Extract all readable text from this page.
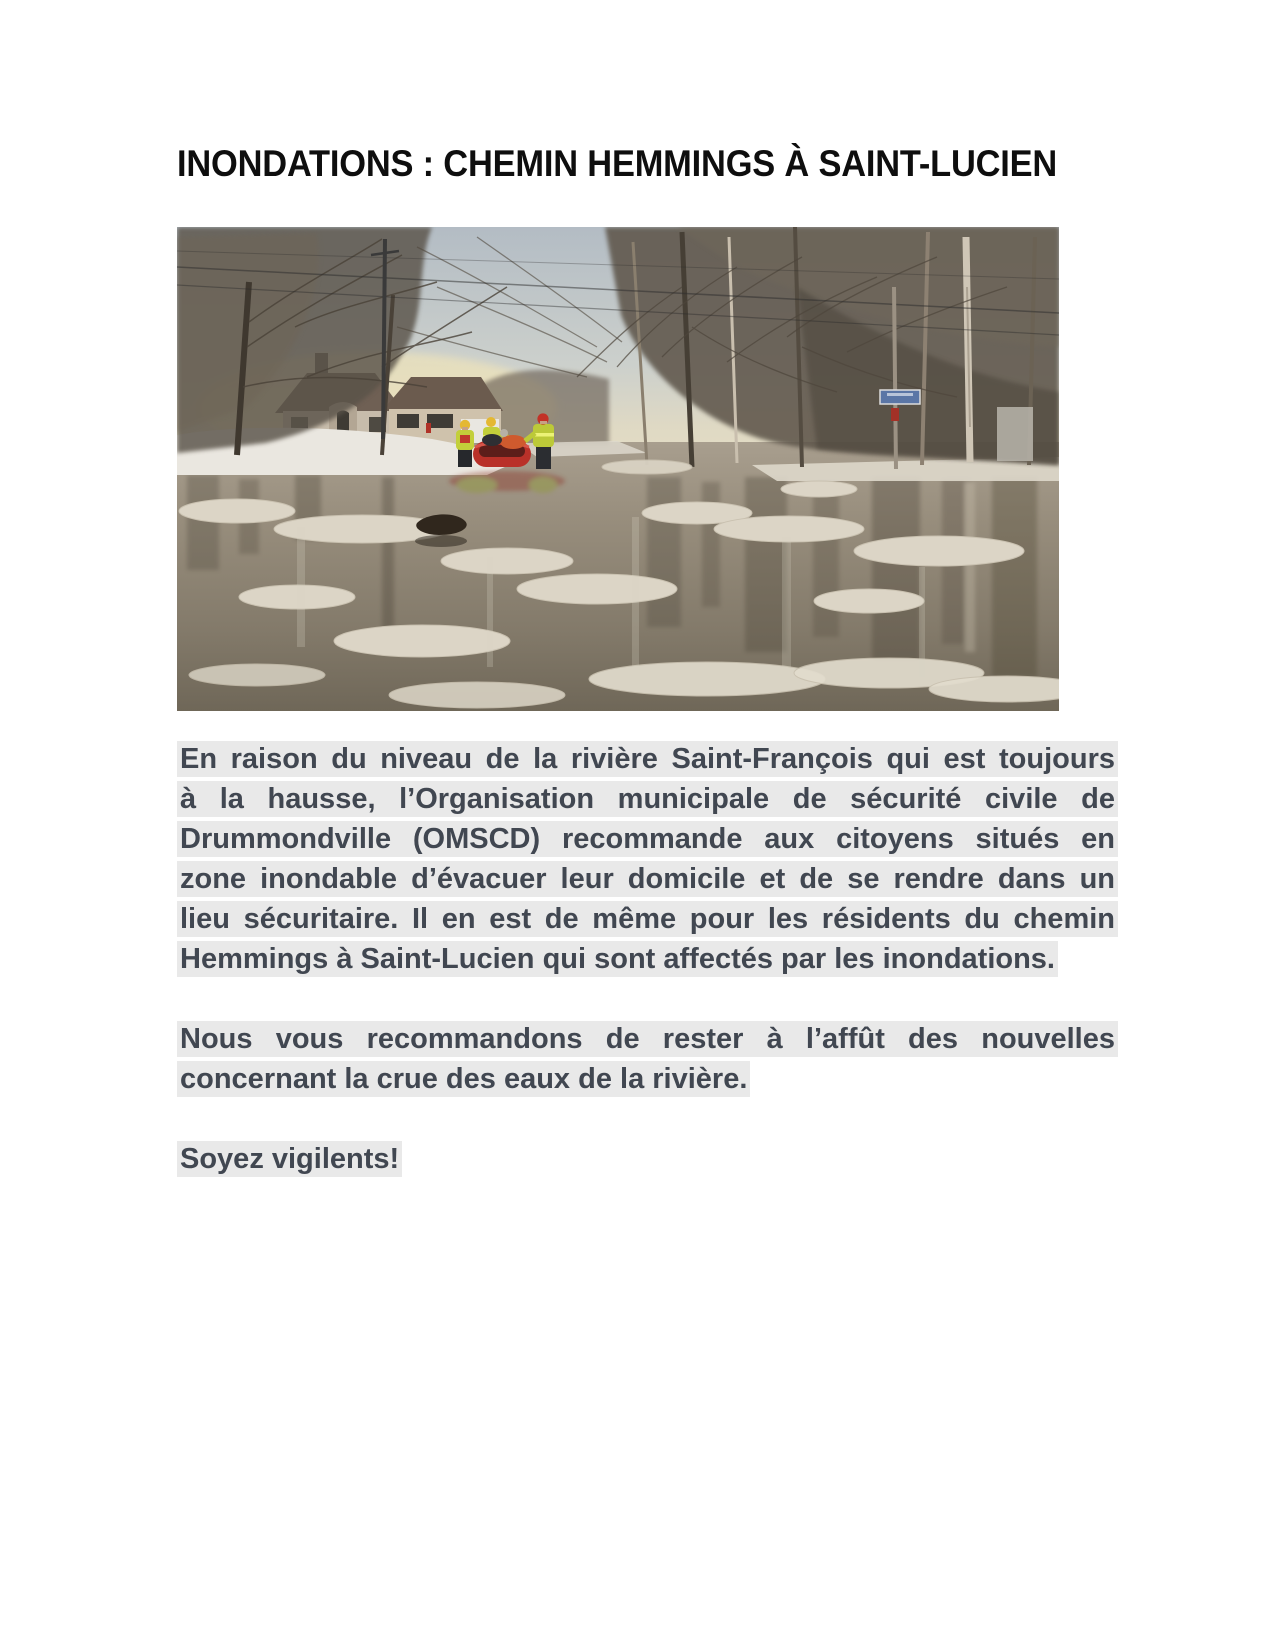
INONDATIONS : CHEMIN HEMMINGS À SAINT-LUCIEN
En raison du niveau de la rivière Saint-François qui est toujours
à la hausse, l’Organisation municipale de sécurité civile de
Drummondville (OMSCD) recommande aux citoyens situés en
zone inondable d’évacuer leur domicile et de se rendre dans un
lieu sécuritaire. Il en est de même pour les résidents du chemin
Hemmings à Saint-Lucien qui sont affectés par les inondations.
Nous vous recommandons de rester à l’affût des nouvelles
concernant la crue des eaux de la rivière.
Soyez vigilents!
